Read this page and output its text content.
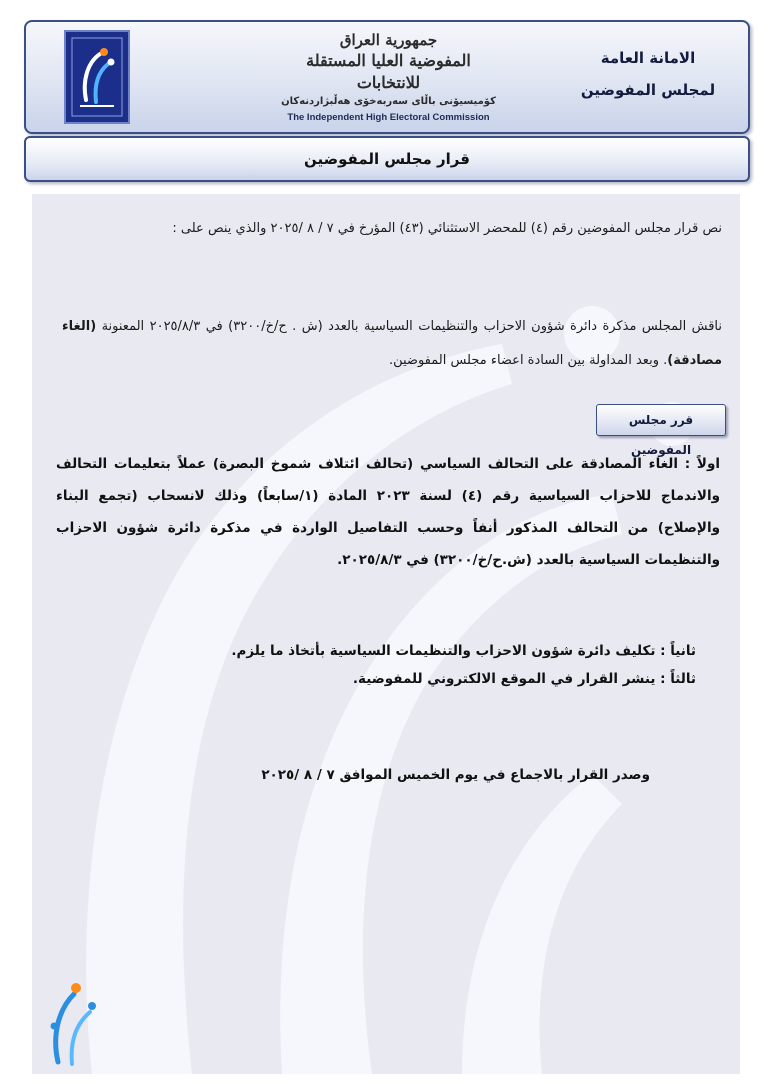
جمهورية العراق
المفوضية العليا المستقلة للانتخابات
كۆمیسیۆنی باڵای سەربەخۆی هەڵبژاردنەکان
The Independent High Electoral Commission
الامانة العامة
لمجلس المفوضين
قرار مجلس المفوضين
نص قرار مجلس المفوضين رقم (٤) للمحضر الاستثنائي (٤٣) المؤرخ في ٧ / ٨ /٢٠٢٥ والذي ينص على :
ناقش المجلس مذكرة دائرة شؤون الاحزاب والتنظيمات السياسية بالعدد (ش . ح/خ/٣٢٠٠) في ٢٠٢٥/٨/٣ المعنونة (الغاء مصادقة). وبعد المداولة بين السادة اعضاء مجلس المفوضين.
قرر مجلس المفوضين
اولاً : الغاء المصادقة على التحالف السياسي (تحالف ائتلاف شموخ البصرة) عملاً بتعليمات التحالف والاندماج للاحزاب السياسية رقم (٤) لسنة ٢٠٢٣ المادة (١/سابعاً) وذلك لانسحاب (تجمع البناء والإصلاح) من التحالف المذكور أنفاً وحسب التفاصيل الواردة في مذكرة دائرة شؤون الاحزاب والتنظيمات السياسية بالعدد (ش.ح/خ/٣٢٠٠) في ٢٠٢٥/٨/٣.
ثانياً : تكليف دائرة شؤون الاحزاب والتنظيمات السياسية بأتخاذ ما يلزم.
ثالثاً : ينشر القرار في الموقع الالكتروني للمفوضية.
وصدر القرار بالاجماع في يوم الخميس الموافق ٧ / ٨ /٢٠٢٥
